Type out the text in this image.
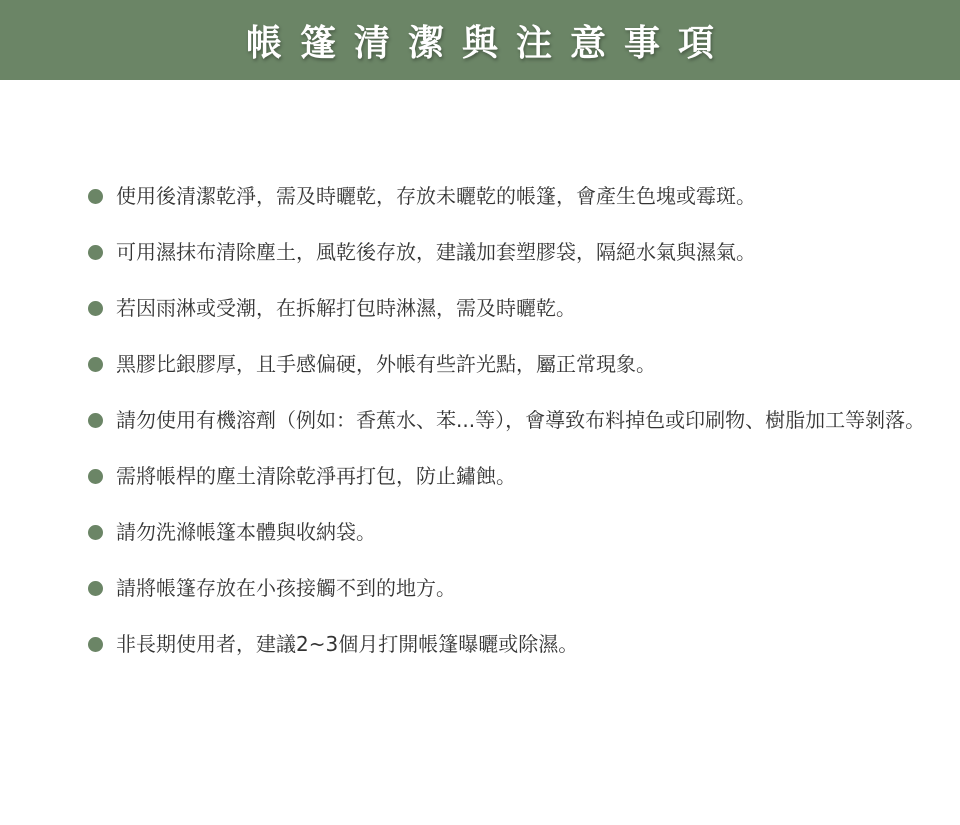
帳篷清潔與注意事項
使用後清潔乾淨，需及時曬乾，存放未曬乾的帳篷，會產生色塊或霉斑。
可用濕抹布清除塵土，風乾後存放，建議加套塑膠袋，隔絕水氣與濕氣。
若因雨淋或受潮，在拆解打包時淋濕，需及時曬乾。
黑膠比銀膠厚，且手感偏硬，外帳有些許光點，屬正常現象。
請勿使用有機溶劑（例如：香蕉水、苯...等），會導致布料掉色或印刷物、樹脂加工等剝落。
需將帳桿的塵土清除乾淨再打包，防止鏽蝕。
請勿洗滌帳篷本體與收納袋。
請將帳篷存放在小孩接觸不到的地方。
非長期使用者，建議2~3個月打開帳篷曝曬或除濕。
